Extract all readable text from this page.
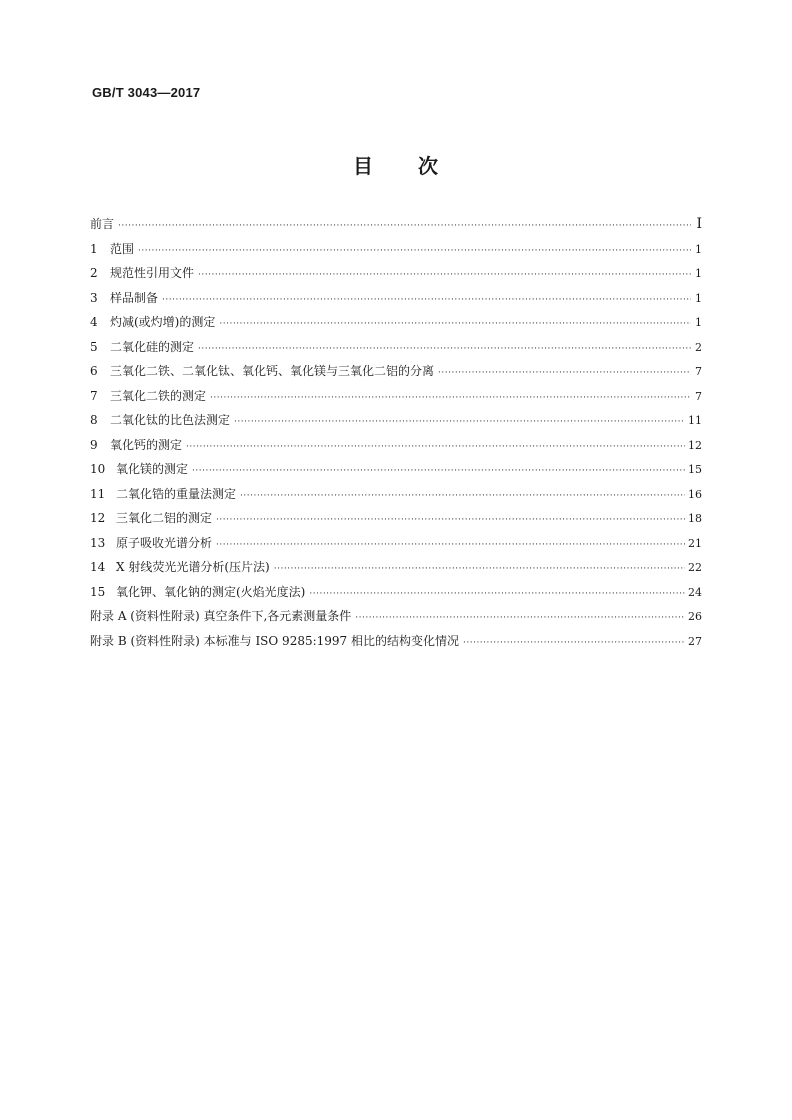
GB/T 3043—2017
目 次
前言 ·····	Ⅰ
1 范围 ·····	1
2 规范性引用文件 ·····	1
3 样品制备 ·····	1
4 灼减(或灼增)的测定 ·····	1
5 二氧化硅的测定 ·····	2
6 三氧化二铁、二氧化钛、氧化钙、氧化镁与三氧化二铝的分离 ·····	7
7 三氧化二铁的测定 ·····	7
8 二氧化钛的比色法测定 ·····	11
9 氧化钙的测定 ·····	12
10 氧化镁的测定 ·····	15
11 二氧化锆的重量法测定 ·····	16
12 三氧化二铝的测定 ·····	18
13 原子吸收光谱分析 ·····	21
14 X 射线荧光光谱分析(压片法) ·····	22
15 氧化钾、氧化钠的测定(火焰光度法) ·····	24
附录 A (资料性附录) 真空条件下,各元素测量条件 ·····	26
附录 B (资料性附录) 本标准与 ISO 9285:1997 相比的结构变化情况 ·····	27
